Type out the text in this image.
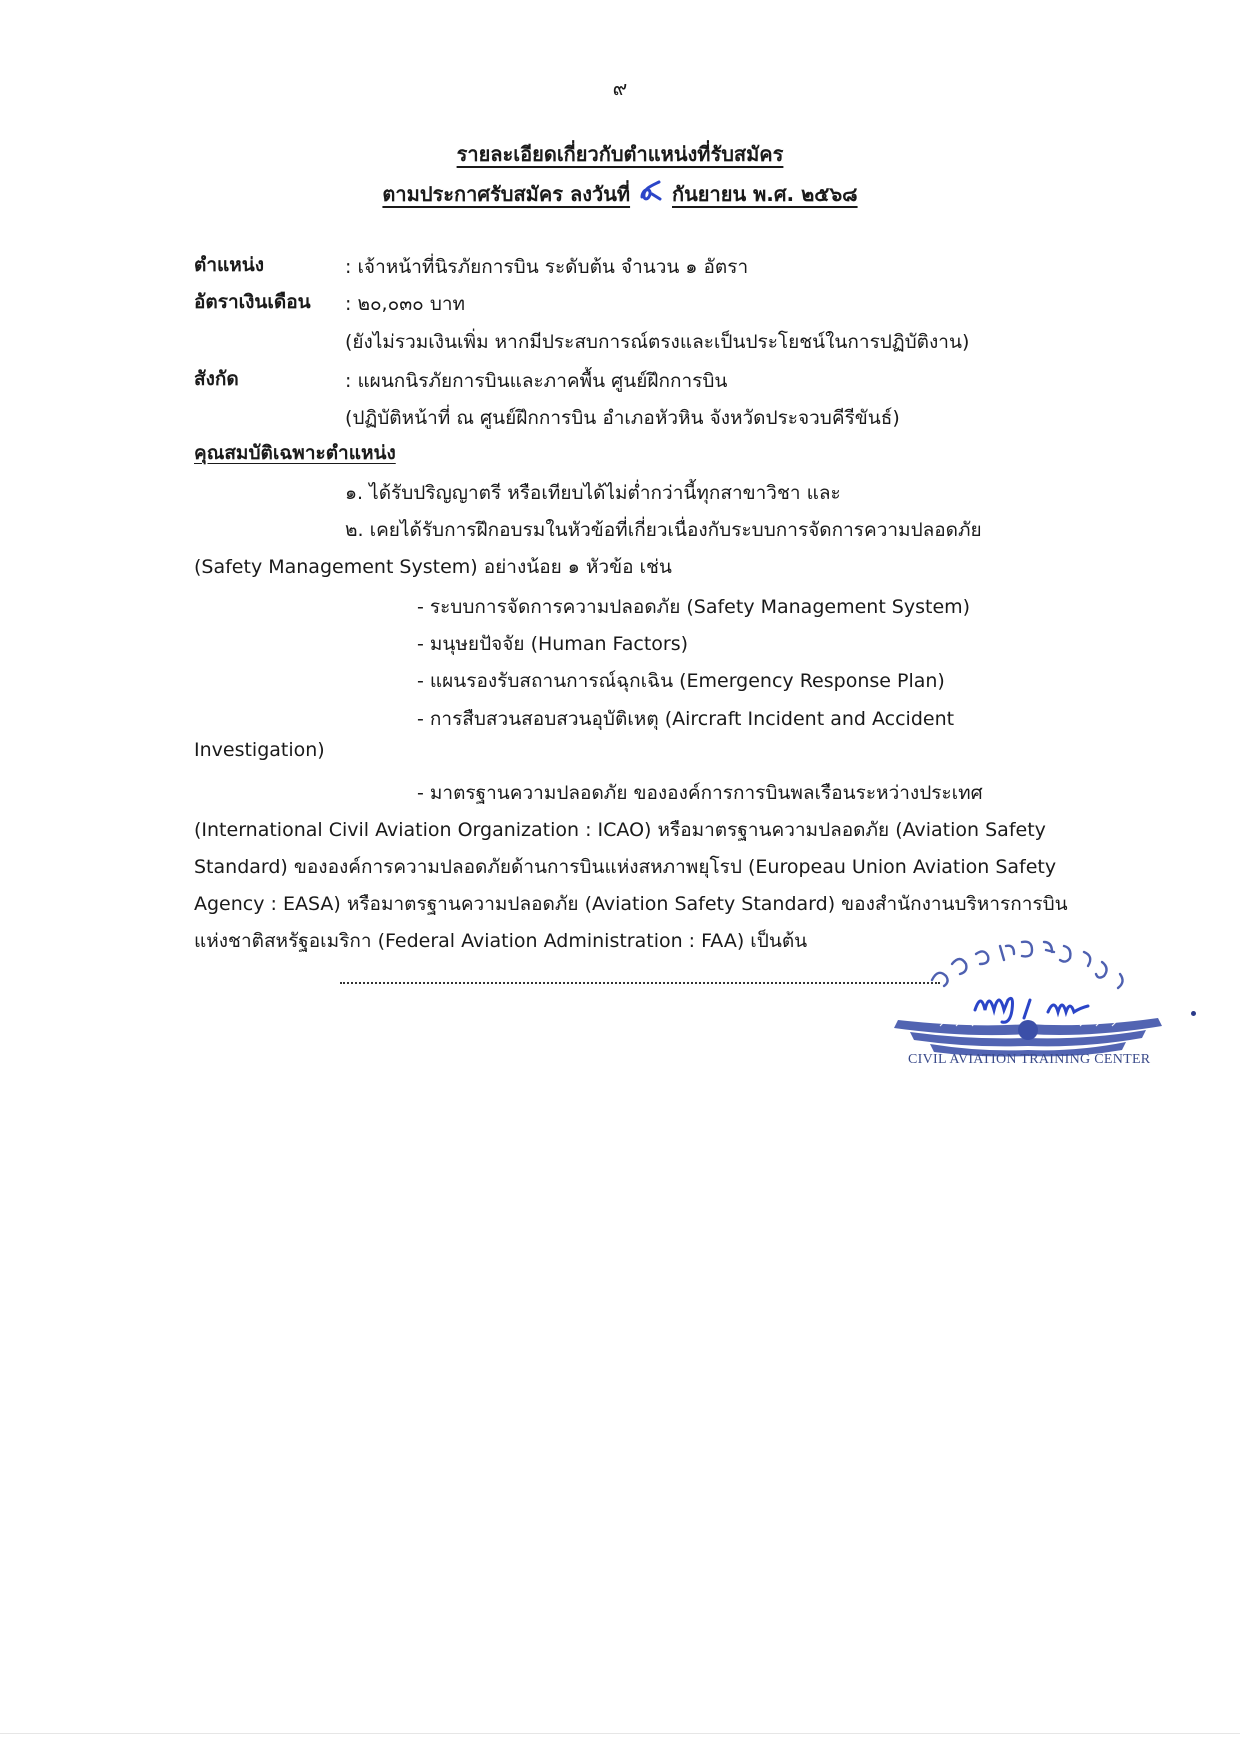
๙
รายละเอียดเกี่ยวกับตำแหน่งที่รับสมัคร
ตามประกาศรับสมัคร ลงวันที่ กันยายน พ.ศ. ๒๕๖๘
ตำแหน่ง	: เจ้าหน้าที่นิรภัยการบิน ระดับต้น จำนวน ๑ อัตรา
อัตราเงินเดือน : ๒๐,๐๓๐ บาท
(ยังไม่รวมเงินเพิ่ม หากมีประสบการณ์ตรงและเป็นประโยชน์ในการปฏิบัติงาน)
สังกัด	: แผนกนิรภัยการบินและภาคพื้น ศูนย์ฝึกการบิน
(ปฏิบัติหน้าที่ ณ ศูนย์ฝึกการบิน อำเภอหัวหิน จังหวัดประจวบคีรีขันธ์)
คุณสมบัติเฉพาะตำแหน่ง
๑. ได้รับปริญญาตรี หรือเทียบได้ไม่ต่ำกว่านี้ทุกสาขาวิชา และ
๒. เคยได้รับการฝึกอบรมในหัวข้อที่เกี่ยวเนื่องกับระบบการจัดการความปลอดภัย
(Safety Management System) อย่างน้อย ๑ หัวข้อ เช่น
- ระบบการจัดการความปลอดภัย (Safety Management System)
- มนุษยปัจจัย (Human Factors)
- แผนรองรับสถานการณ์ฉุกเฉิน (Emergency Response Plan)
- การสืบสวนสอบสวนอุบัติเหตุ (Aircraft Incident and Accident
Investigation)
- มาตรฐานความปลอดภัย ขององค์การการบินพลเรือนระหว่างประเทศ
(International Civil Aviation Organization : ICAO) หรือมาตรฐานความปลอดภัย (Aviation Safety
Standard) ขององค์การความปลอดภัยด้านการบินแห่งสหภาพยุโรป (Europeau Union Aviation Safety
Agency : EASA) หรือมาตรฐานความปลอดภัย (Aviation Safety Standard) ของสำนักงานบริหารการบิน
แห่งชาติสหรัฐอเมริกา (Federal Aviation Administration : FAA) เป็นต้น
CIVIL AVIATION TRAINING CENTER
